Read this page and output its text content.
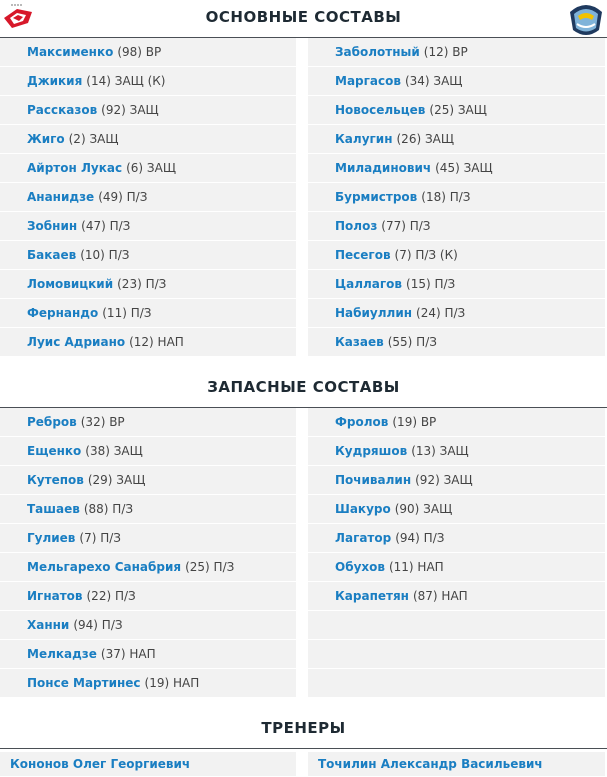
ОСНОВНЫЕ СОСТАВЫ
Максименко (98) ВР
Джикия (14) ЗАЩ (К)
Рассказов (92) ЗАЩ
Жиго (2) ЗАЩ
Айртон Лукас (6) ЗАЩ
Ананидзе (49) П/З
Зобнин (47) П/З
Бакаев (10) П/З
Ломовицкий (23) П/З
Фернандо (11) П/З
Луис Адриано (12) НАП
Заболотный (12) ВР
Маргасов (34) ЗАЩ
Новосельцев (25) ЗАЩ
Калугин (26) ЗАЩ
Миладинович (45) ЗАЩ
Бурмистров (18) П/З
Полоз (77) П/З
Песегов (7) П/З (К)
Цаллагов (15) П/З
Набиуллин (24) П/З
Казаев (55) П/З
ЗАПАСНЫЕ СОСТАВЫ
Ребров (32) ВР
Ещенко (38) ЗАЩ
Кутепов (29) ЗАЩ
Ташаев (88) П/З
Гулиев (7) П/З
Мельгарехо Санабрия (25) П/З
Игнатов (22) П/З
Ханни (94) П/З
Мелкадзе (37) НАП
Понсе Мартинес (19) НАП
Фролов (19) ВР
Кудряшов (13) ЗАЩ
Почивалин (92) ЗАЩ
Шакуро (90) ЗАЩ
Лагатор (94) П/З
Обухов (11) НАП
Карапетян (87) НАП
ТРЕНЕРЫ
Кононов Олег Георгиевич	Точилин Александр Васильевич
